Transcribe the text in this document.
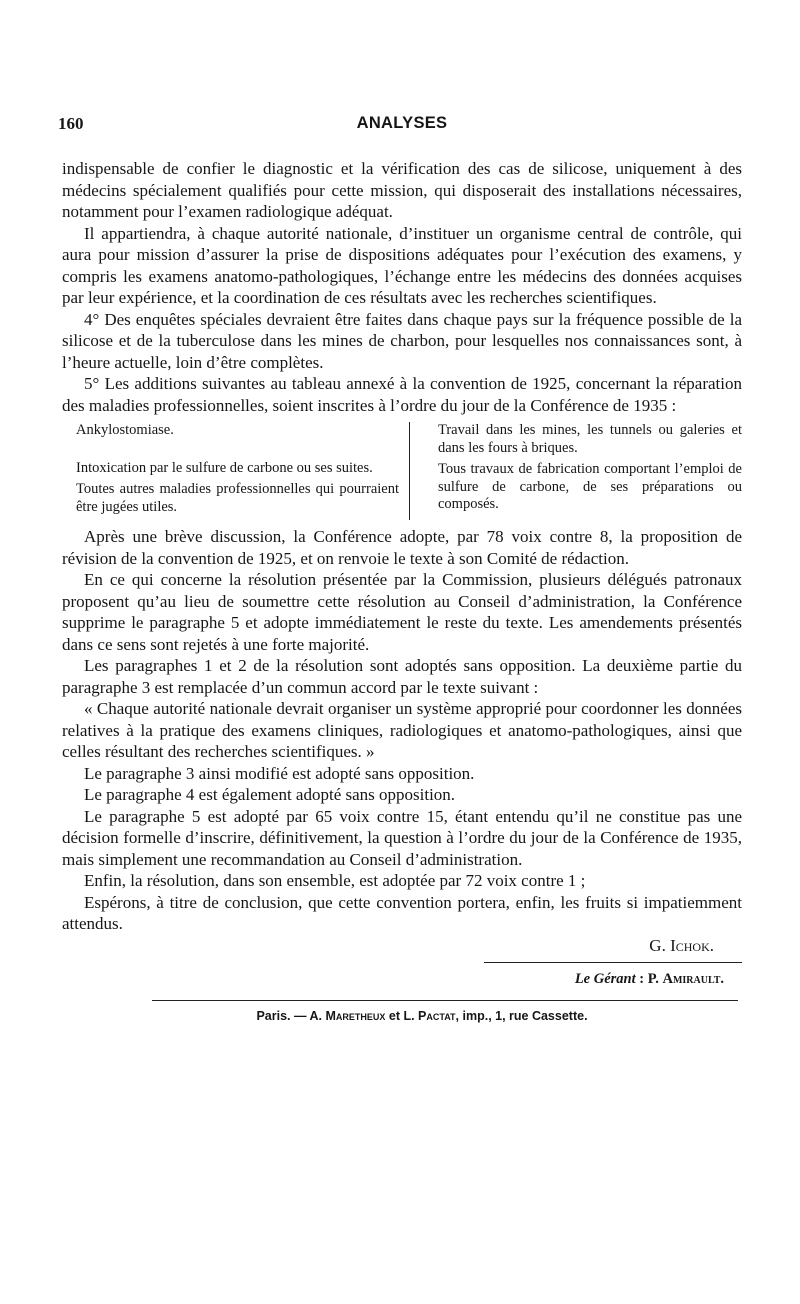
160	ANALYSES

indispensable de confier le diagnostic et la vérification des cas de silicose, uniquement à des médecins spécialement qualifiés pour cette mission, qui disposerait des installations nécessaires, notamment pour l’examen radiologique adéquat.

Il appartiendra, à chaque autorité nationale, d’instituer un organisme central de contrôle, qui aura pour mission d’assurer la prise de dispositions adéquates pour l’exécution des examens, y compris les examens anatomo-pathologiques, l’échange entre les médecins des données acquises par leur expérience, et la coordination de ces résultats avec les recherches scientifiques.

4° Des enquêtes spéciales devraient être faites dans chaque pays sur la fréquence possible de la silicose et de la tuberculose dans les mines de charbon, pour lesquelles nos connaissances sont, à l’heure actuelle, loin d’être complètes.

5° Les additions suivantes au tableau annexé à la convention de 1925, concernant la réparation des maladies professionnelles, soient inscrites à l’ordre du jour de la Conférence de 1935 :

Ankylostomiase.
Intoxication par le sulfure de carbone ou ses suites.
Toutes autres maladies professionnelles qui pourraient être jugées utiles.
Travail dans les mines, les tunnels ou galeries et dans les fours à briques.
Tous travaux de fabrication comportant l’emploi de sulfure de carbone, de ses préparations ou composés.

Après une brève discussion, la Conférence adopte, par 78 voix contre 8, la proposition de révision de la convention de 1925, et on renvoie le texte à son Comité de rédaction.

En ce qui concerne la résolution présentée par la Commission, plusieurs délégués patronaux proposent qu’au lieu de soumettre cette résolution au Conseil d’administration, la Conférence supprime le paragraphe 5 et adopte immédiatement le reste du texte. Les amendements présentés dans ce sens sont rejetés à une forte majorité.

Les paragraphes 1 et 2 de la résolution sont adoptés sans opposition. La deuxième partie du paragraphe 3 est remplacée d’un commun accord par le texte suivant :

« Chaque autorité nationale devrait organiser un système approprié pour coordonner les données relatives à la pratique des examens cliniques, radiologiques et anatomo-pathologiques, ainsi que celles résultant des recherches scientifiques. »

Le paragraphe 3 ainsi modifié est adopté sans opposition.

Le paragraphe 4 est également adopté sans opposition.

Le paragraphe 5 est adopté par 65 voix contre 15, étant entendu qu’il ne constitue pas une décision formelle d’inscrire, définitivement, la question à l’ordre du jour de la Conférence de 1935, mais simplement une recommandation au Conseil d’administration.

Enfin, la résolution, dans son ensemble, est adoptée par 72 voix contre 1 ;

Espérons, à titre de conclusion, que cette convention portera, enfin, les fruits si impatiemment attendus.

G. Ichok.
Le Gérant : P. Amirault.
Paris. — A. Maretheux et L. Pactat, imp., 1, rue Cassette.
